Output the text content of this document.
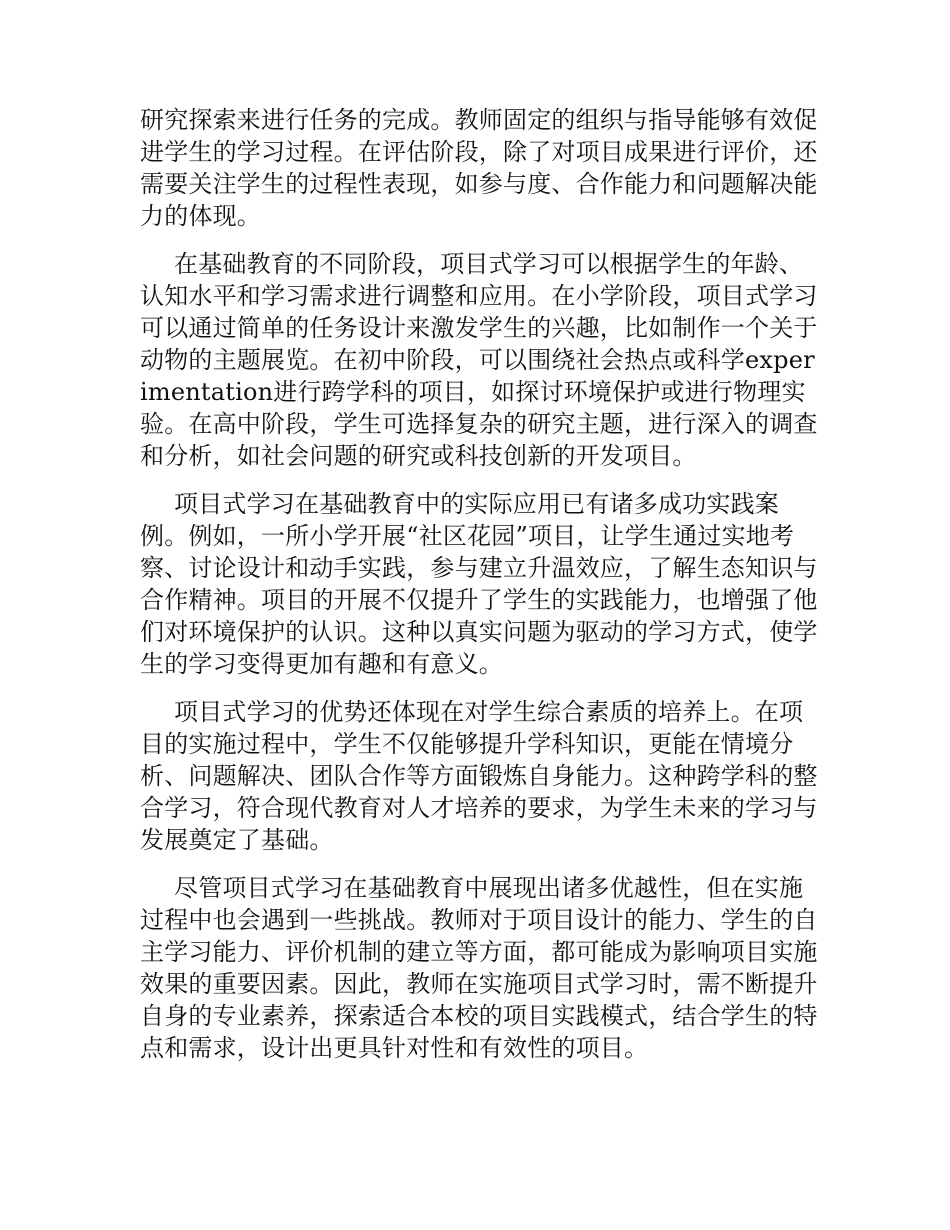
研究探索来进行任务的完成。教师固定的组织与指导能够有效促进学生的学习过程。在评估阶段，除了对项目成果进行评价，还需要关注学生的过程性表现，如参与度、合作能力和问题解决能力的体现。

在基础教育的不同阶段，项目式学习可以根据学生的年龄、认知水平和学习需求进行调整和应用。在小学阶段，项目式学习可以通过简单的任务设计来激发学生的兴趣，比如制作一个关于动物的主题展览。在初中阶段，可以围绕社会热点或科学experimentation进行跨学科的项目，如探讨环境保护或进行物理实验。在高中阶段，学生可选择复杂的研究主题，进行深入的调查和分析，如社会问题的研究或科技创新的开发项目。

项目式学习在基础教育中的实际应用已有诸多成功实践案例。例如，一所小学开展“社区花园”项目，让学生通过实地考察、讨论设计和动手实践，参与建立升温效应，了解生态知识与合作精神。项目的开展不仅提升了学生的实践能力，也增强了他们对环境保护的认识。这种以真实问题为驱动的学习方式，使学生的学习变得更加有趣和有意义。

项目式学习的优势还体现在对学生综合素质的培养上。在项目的实施过程中，学生不仅能够提升学科知识，更能在情境分析、问题解决、团队合作等方面锻炼自身能力。这种跨学科的整合学习，符合现代教育对人才培养的要求，为学生未来的学习与发展奠定了基础。

尽管项目式学习在基础教育中展现出诸多优越性，但在实施过程中也会遇到一些挑战。教师对于项目设计的能力、学生的自主学习能力、评价机制的建立等方面，都可能成为影响项目实施效果的重要因素。因此，教师在实施项目式学习时，需不断提升自身的专业素养，探索适合本校的项目实践模式，结合学生的特点和需求，设计出更具针对性和有效性的项目。
